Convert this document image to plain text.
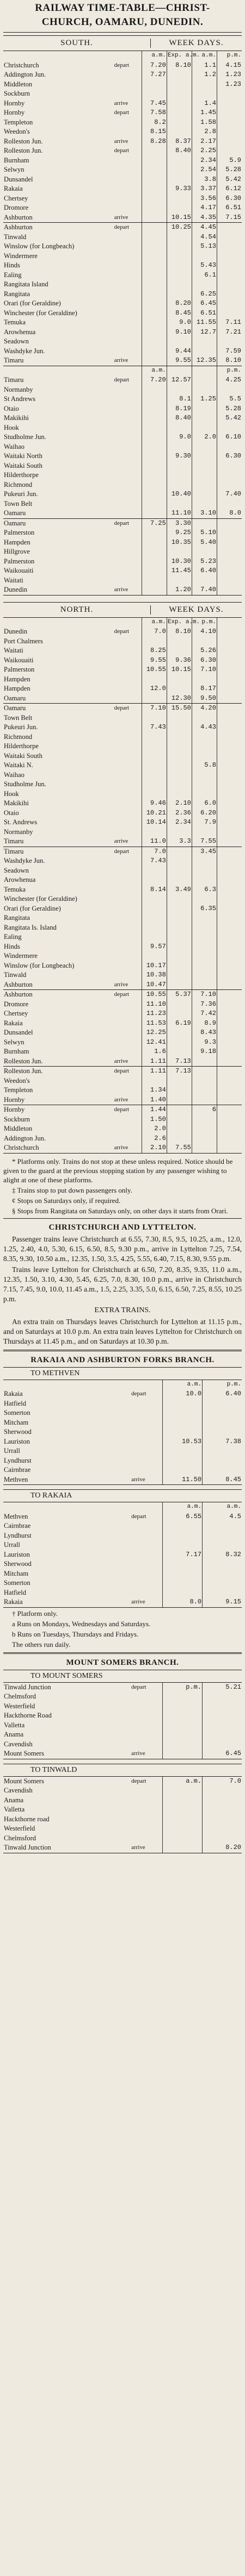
RAILWAY TIME-TABLE—CHRIST-
CHURCH, OAMARU, DUNEDIN.
SOUTH.	WEEK DAYS.
		a.m.	Exp. a.m.	a.m.	p.m.
Christchurch	depart	7.20	8.10	1.1	4.15
Addington Jun.		7.27		1.2	1.23
Middleton					1.23
Sockburn					
Hornby	arrive	7.45		1.4	
Hornby	depart	7.58		1.45	
Templeton		8.2		1.58	
Weedon's		8.15		2.8	
Rolleston Jun.	arrive	8.28	8.37	2.17	
Rolleston Jun.	depart		8.40	2.25	
Burnham				2.34	5.9
Selwyn				2.54	5.28
Dunsandel				3.8	5.42
Rakaia			9.33	3.37	6.12
Chertsey				3.56	6.30
Dromore				4.17	6.51
Ashburton	arrive		10.15	4.35	7.15
Ashburton	depart		10.25	4.45	
Tinwald				4.54	
Winslow (for Longbeach)				5.13	
Windermere					
Hinds				5.43	
Ealing				6.1	
Rangitata Island					
Rangitata				6.25	
Orari (for Geraldine)			8.20	6.45	
Winchester (for Geraldine)			8.45	6.51	
Temuka			9.0	11.55	7.11
Arowhenua			9.10	12.7	7.21
Seadown					
Washdyke Jun.			9.44		7.59
Timaru	arrive		9.55	12.35	8.10
		a.m.			p.m.
Timaru	depart	7.20	12.57		4.25
Normanby					
St Andrews			8.1	1.25	5.5
Otaio			8.19		5.28
Makikihi			8.40		5.42
Hook					
Studholme Jun.			9.0	2.0	6.10
Waihao					
Waitaki North			9.30		6.30
Waitaki South					
Hilderthorpe					
Richmond					
Pukeuri Jun.			10.40		7.40
Town Belt					
Oamaru			11.10	3.10	8.0
Oamaru	depart	7.25	3.30		
Palmerston			9.25	5.10	
Hampden			10.35	5.40	
Hillgrove					
Palmerston			10.30	5.23	
Waikouaiti			11.45	6.40	
Waitati					
Dunedin	arrive		1.20	7.40	
NORTH.	WEEK DAYS.
		a.m.	Exp. a.m.	p.m.	
Dunedin	depart	7.0	8.10	4.10	
Port Chalmers					
Waitati		8.25		5.26	
Waikouaiti		9.55	9.36	6.30	
Palmerston		10.55	10.15	7.10	
Hampden					
Hampden		12.0		8.17	
Oamaru			12.30	9.50	
Oamaru	depart	7.10	15.50	4.20	
Town Belt					
Pukeuri Jun.		7.43		4.43	
Richmond					
Hilderthorpe					
Waitaki South					
Waitaki N.				5.8	
Waihao					
Studholme Jun.					
Hook					
Makikihi		9.46	2.10	6.0	
Otaio		10.21	2.36	6.20	
St. Andrews		10.14	2.34	7.9	
Normanby					
Timaru	arrive	11.0	3.3	7.55	
Timaru	depart	7.0		3.45	
Washdyke Jun.		7.43			
Seadown					
Arowhenua					
Temuka		8.14	3.49	6.3	
Winchester (for Geraldine)					
Orari (for Geraldine)				6.35	
Rangitata					
Rangitata Is. Island					
Ealing					
Hinds		9.57			
Windermere					
Winslow (for Longbeach)		10.17			
Tinwald		10.38			
Ashburton	arrive	10.47			
Ashburton	depart	10.55	5.37	7.10	
Dromore		11.10		7.36	
Chertsey		11.23		7.42	
Rakaia		11.53	6.19	8.9	
Dunsandel		12.25		8.43	
Selwyn		12.41		9.3	
Burnham		1.6		9.18	
Rolleston Jun.	arrive	1.11	7.13		
Rolleston Jun.	depart	1.11	7.13		
Weedon's					
Templeton		1.34			
Hornby	arrive	1.40			
Hornby	depart	1.44		6	
Sockburn		1.50			
Middleton		2.0			
Addington Jun.		2.6			
Christchurch	arrive	2.10	7.55		
* Platforms only. Trains do not stop at these unless required. Notice should be given to the guard at the previous stopping station by any passenger wishing to alight at one of these platforms.
‡ Trains stop to put down passengers only.
¢ Stops on Saturdays only, if required.
§ Stops from Rangitata on Saturdays only, on other days it starts from Orari.
CHRISTCHURCH AND LYTTELTON.

Passenger trains leave Christchurch at 6.55, 7.30, 8.5, 9.5, 10.25, a.m., 12.0, 1.25, 2.40, 4.0, 5.30, 6.15, 6.50, 8.5, 9.30 p.m., arrive in Lyttelton 7.25, 7.54, 8.35, 9.30, 10.50 a.m., 12.35, 1.50, 3.5, 4.25, 5.55, 6.40, 7.15, 8.30, 9.55 p.m.

Trains leave Lyttelton for Christchurch at 6.50, 7.20, 8.35, 9.35, 11.0 a.m., 12.35, 1.50, 3.10, 4.30, 5.45, 6.25, 7.0, 8.30, 10.0 p.m., arrive in Christchurch 7.15, 7.45, 9.0, 10.0, 11.45 a.m., 1.5, 2.25, 3.35, 5.0, 6.15, 6.50, 7.25, 8.55, 10.25 p.m.

EXTRA TRAINS.

An extra train on Thursdays leaves Christchurch for Lyttelton at 11.15 p.m., and on Saturdays at 10.0 p.m. An extra train leaves Lyttelton for Christchurch on Thursdays at 11.45 p.m., and on Saturdays at 10.30 p.m.

RAKAIA AND ASHBURTON FORKS BRANCH.
TO METHVEN
		a.m.	p.m.
Rakaia	depart	10.0	6.40
Hatfield			
Somerton			
Mitcham			
Sherwood			
Lauriston		10.53	7.38
Urrall			
Lyndhurst			
Cairnbrae			
Methven	arrive	11.50	8.45
TO RAKAIA
		a.m.	a.m.
Methven	depart	6.55	4.5
Cairnbrae			
Lyndhurst			
Urrall			
Lauriston		7.17	8.32
Sherwood			
Mitcham			
Somerton			
Hatfield			
Rakaia	arrive	8.0	9.15
† Platform only.
a Runs on Mondays, Wednesdays and Saturdays.
b Runs on Tuesdays, Thursdays and Fridays.
The others run daily.
MOUNT SOMERS BRANCH.
TO MOUNT SOMERS
Tinwald Junction	depart	p.m.	5.21
Chelmsford			
Westerfield			
Hackthorne Road			
Valletta			
Anama			
Cavendish			
Mount Somers	arrive		6.45
TO TINWALD
Mount Somers	depart	a.m.	7.0
Cavendish			
Anama			
Valletta			
Hackthorne road			
Westerfield			
Chelmsford			
Tinwald Junction	arrive		8.20
